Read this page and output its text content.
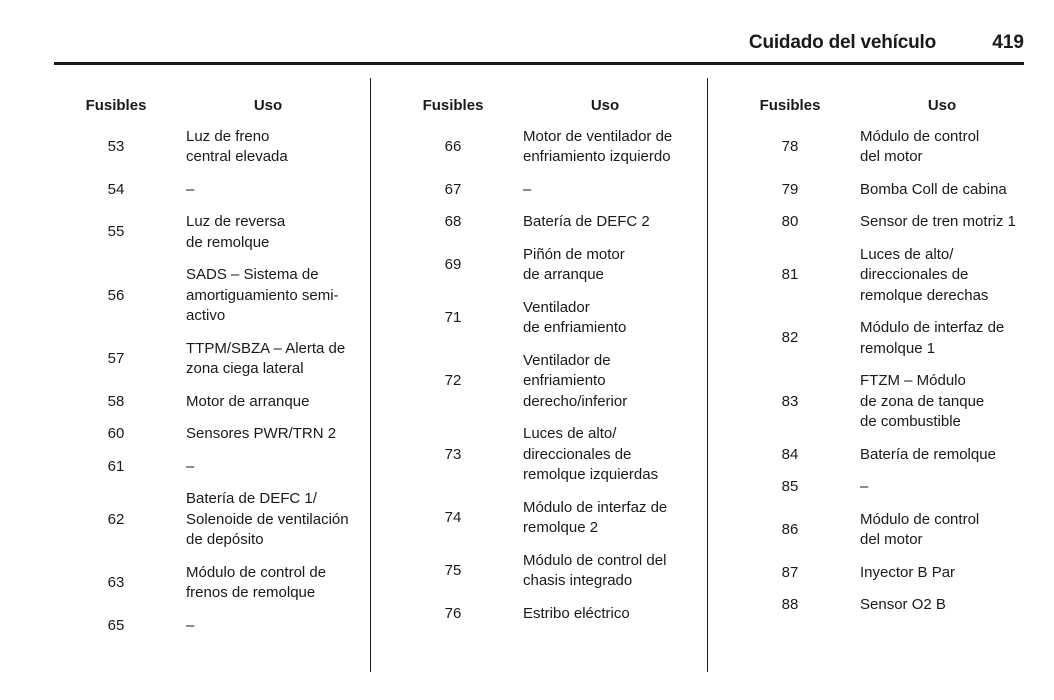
Cuidado del vehículo	419
Fusibles	Uso
53	Luz de freno
central elevada

54	–

55	Luz de reversa
de remolque

56	SADS – Sistema de
amortiguamiento semi-
activo

57	TTPM/SBZA – Alerta de
zona ciega lateral

58	Motor de arranque

60	Sensores PWR/TRN 2

61	–

62	Batería de DEFC 1/
Solenoide de ventilación
de depósito

63	Módulo de control de
frenos de remolque

65	–
Fusibles	Uso
66	Motor de ventilador de
enfriamiento izquierdo

67	–

68	Batería de DEFC 2

69	Piñón de motor
de arranque

71	Ventilador
de enfriamiento

72	Ventilador de
enfriamiento
derecho/inferior

73	Luces de alto/
direccionales de
remolque izquierdas

74	Módulo de interfaz de
remolque 2

75	Módulo de control del
chasis integrado

76	Estribo eléctrico
Fusibles	Uso
78	Módulo de control
del motor

79	Bomba Coll de cabina

80	Sensor de tren motriz 1

81	Luces de alto/
direccionales de
remolque derechas

82	Módulo de interfaz de
remolque 1

83	FTZM – Módulo
de zona de tanque
de combustible

84	Batería de remolque

85	–

86	Módulo de control
del motor

87	Inyector B Par

88	Sensor O2 B
